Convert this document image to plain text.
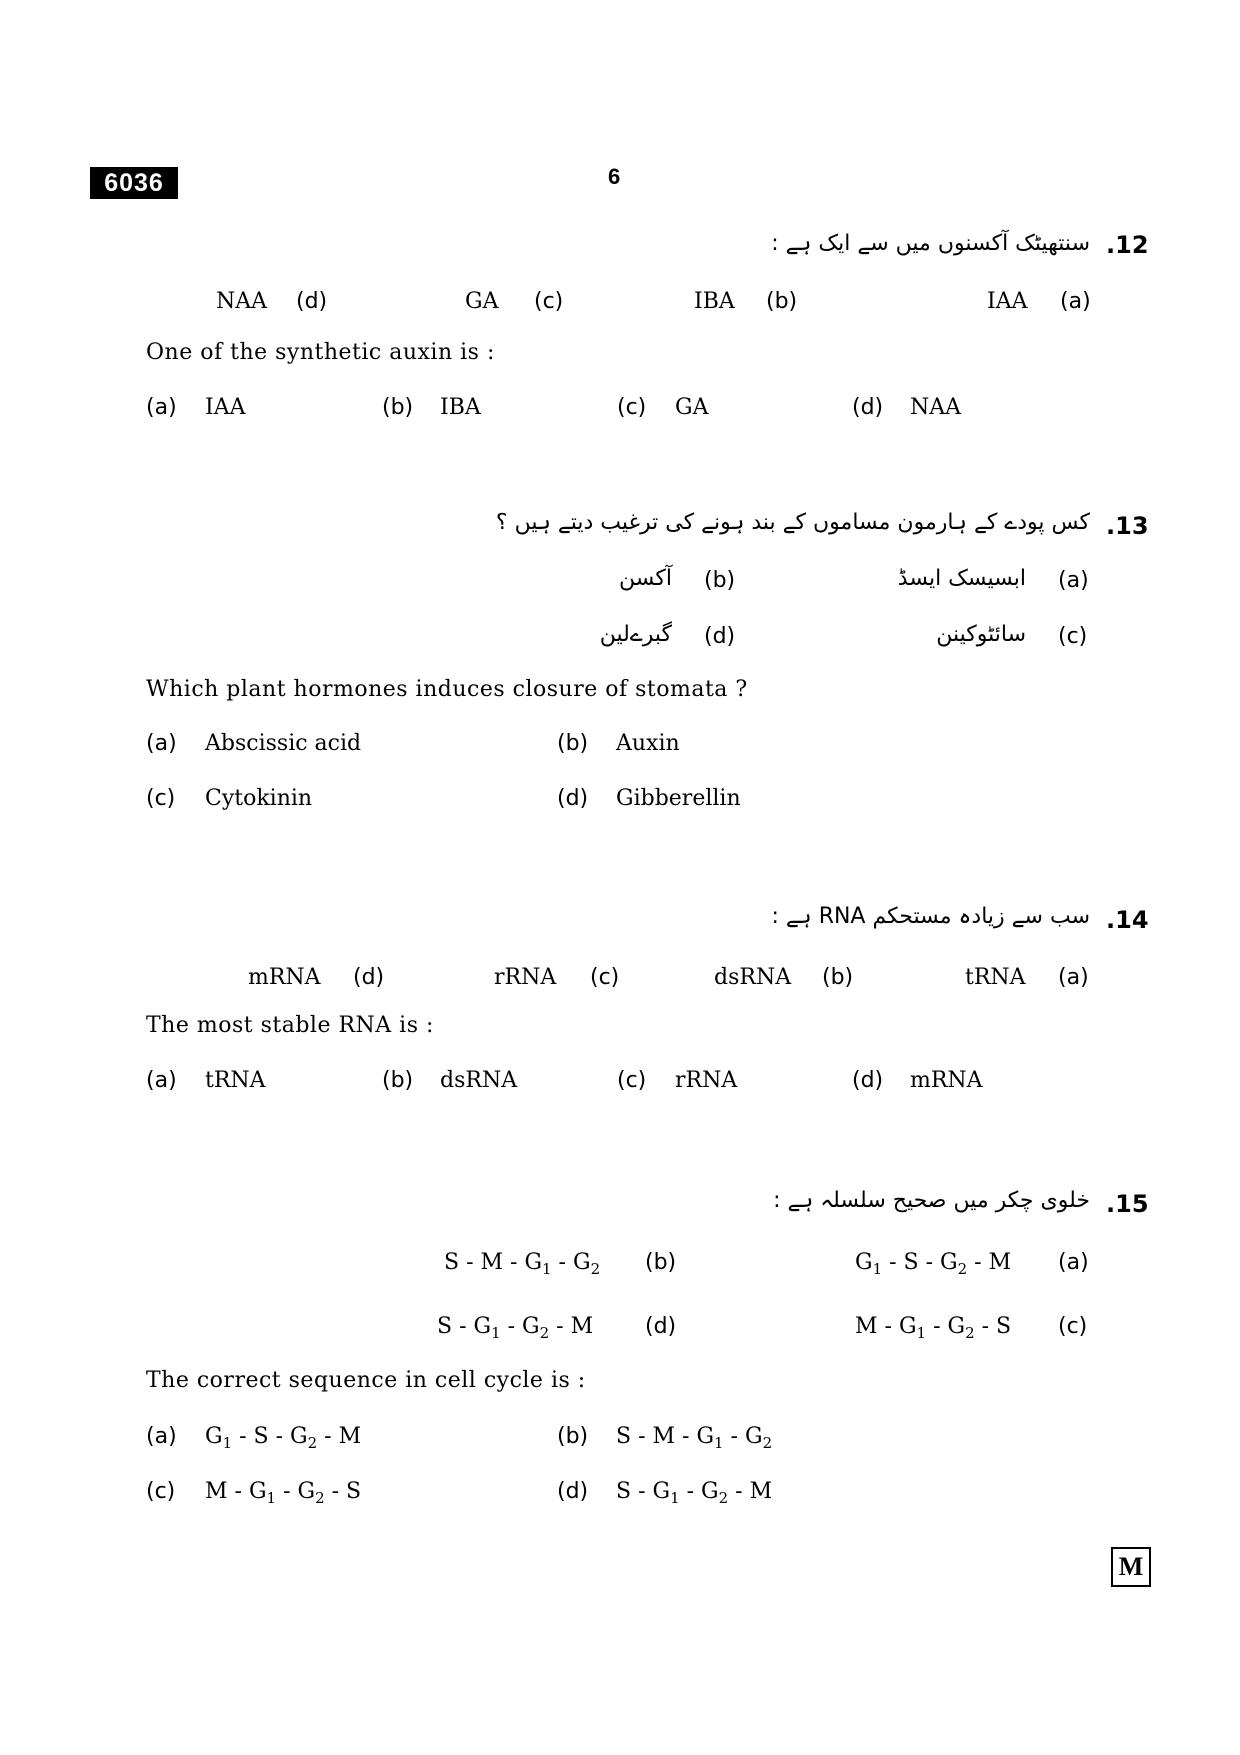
6036	6
.12
سنتھیٹک آکسنوں میں سے ایک ہے :
(a)
IAA
(b)
IBA
(c)
GA
(d)
NAA
One of the synthetic auxin is :
(a) IAA	(b) IBA	(c) GA	(d) NAA
.13
کس پودے کے ہارمون مساموں کے بند ہونے کی ترغیب دیتے ہیں ؟
(a)
ابسیسک ایسڈ
(b)
آکسن
(c)
سائٹوکینن
(d)
گبرےلین
Which plant hormones induces closure of stomata ?
(a) Abscissic acid	(b) Auxin
(c) Cytokinin	(d) Gibberellin
.14
سب سے زیادہ مستحکم RNA ہے :
(a)
tRNA
(b)
dsRNA
(c)
rRNA
(d)
mRNA
The most stable RNA is :
(a) tRNA	(b) dsRNA	(c) rRNA	(d) mRNA
.15
خلوی چکر میں صحیح سلسلہ ہے :
(a)
$G_1$ - S - $G_2$ - M
(b)
S - M - $G_1 - G_2$
(c)
M - $G_1 - G_2$ - S
(d)
S - $G_1 - G_2$ - M
The correct sequence in cell cycle is :
(a) $G_1$ - S - $G_2$ - M	(b) S - M - $G_1 - G_2$
(c) M - $G_1 - G_2$ - S	(d) S - $G_1 - G_2$ - M
M
